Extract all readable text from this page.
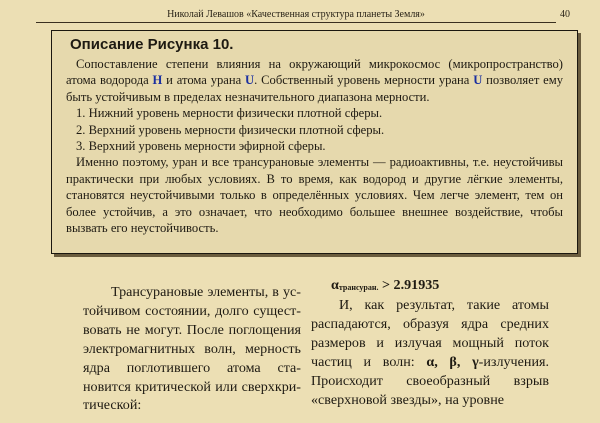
Николай Левашов «Качественная структура планеты Земля»	40
Описание Рисунка 10.

Сопоставление степени влияния на окружающий микрокосмос (микропространство) атома водорода H и атома урана U. Собственный уровень мерности урана U позволяет ему быть устойчивым в пределах незначительного диапазона мерности.

1. Нижний уровень мерности физически плотной сферы.

2. Верхний уровень мерности физически плотной сферы.

3. Верхний уровень мерности эфирной сферы.

Именно поэтому, уран и все трансурановые элементы — радиоактивны, т.е. неустойчивы практически при любых условиях. В то время, как водород и другие лёгкие элементы, становятся неустойчивыми только в определённых условиях. Чем легче элемент, тем он более устойчив, а это означает, что необходимо большее внешнее воздействие, чтобы вызвать его неустойчивость.

Трансурановые элементы, в устойчивом состоянии, долго существовать не могут. После поглощения электромагнитных волн, мерность ядра поглотившего атома становится критической или сверхкритической:

$\alpha_{трансуран.} > 2.91935$

И, как результат, такие атомы распадаются, образуя ядра средних размеров и излучая мощный поток частиц и волн: α, β, γ-излучения. Происходит своеобразный взрыв «сверхновой звезды», на уровне
